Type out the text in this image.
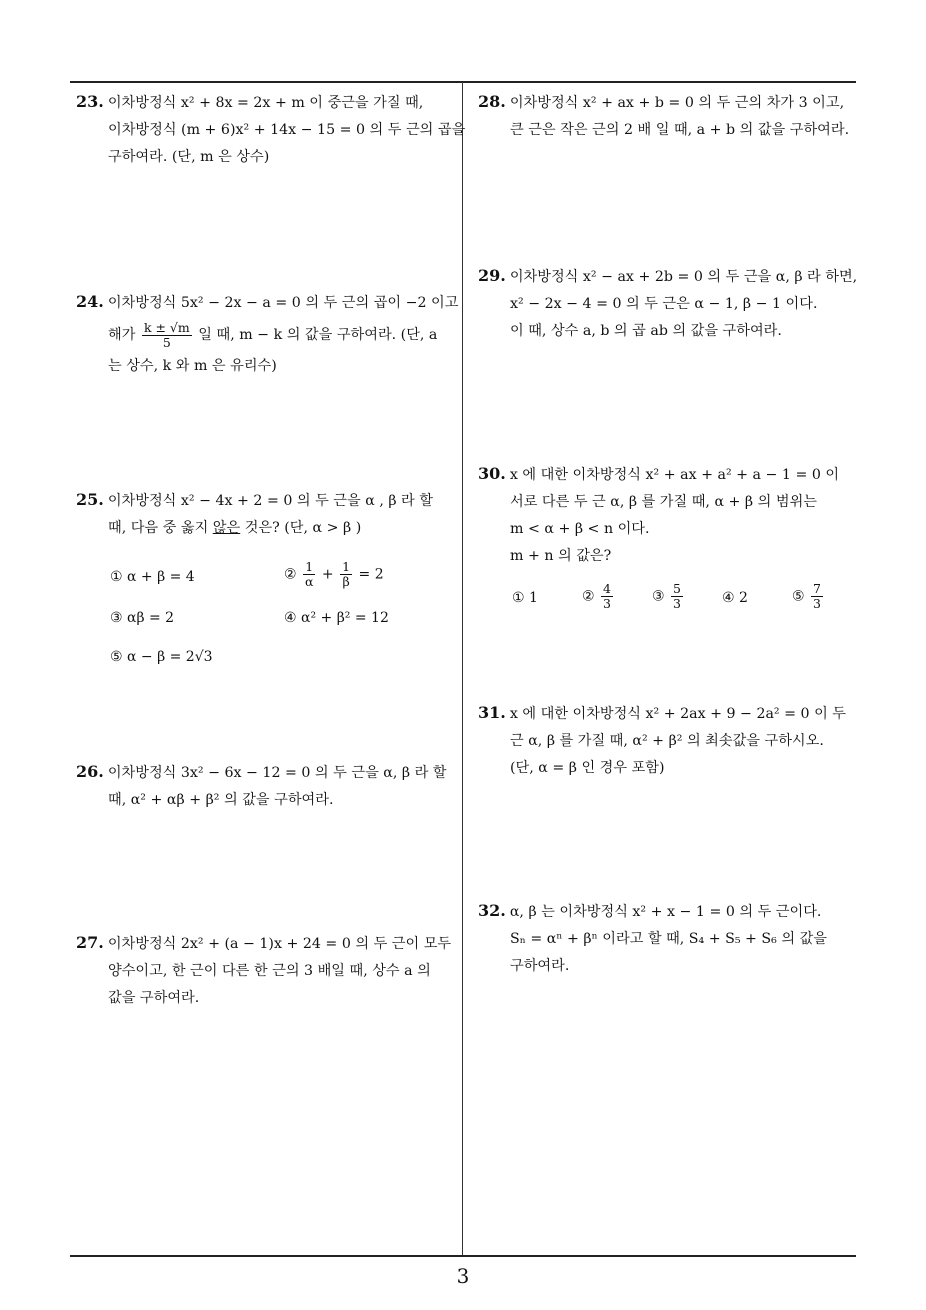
23. 이차방정식 x² + 8x = 2x + m 이 중근을 가질 때,
이차방정식 (m + 6)x² + 14x − 15 = 0 의 두 근의 곱을
구하여라. (단, m 은 상수)
24. 이차방정식 5x² − 2x − a = 0 의 두 근의 곱이 −2 이고
해가 $\frac{k \pm √m}{5}$ 일 때, m − k 의 값을 구하여라. (단, a
는 상수, k 와 m 은 유리수)
25. 이차방정식 x² − 4x + 2 = 0 의 두 근을 α , β 라 할
때, 다음 중 옳지 않은 것은? (단, α > β )
① α + β = 4	② $\frac{1}{\alpha} + \frac{1}{\beta} = 2$
③ αβ = 2	④ α² + β² = 12
⑤ α − β = 2√3
26. 이차방정식 3x² − 6x − 12 = 0 의 두 근을 α, β 라 할
때, α² + αβ + β² 의 값을 구하여라.
27. 이차방정식 2x² + (a − 1)x + 24 = 0 의 두 근이 모두
양수이고, 한 근이 다른 한 근의 3 배일 때, 상수 a 의
값을 구하여라.
28. 이차방정식 x² + ax + b = 0 의 두 근의 차가 3 이고,
큰 근은 작은 근의 2 배 일 때, a + b 의 값을 구하여라.
29. 이차방정식 x² − ax + 2b = 0 의 두 근을 α, β 라 하면,
x² − 2x − 4 = 0 의 두 근은 α − 1, β − 1 이다.
이 때, 상수 a, b 의 곱 ab 의 값을 구하여라.
30. x 에 대한 이차방정식 x² + ax + a² + a − 1 = 0 이
서로 다른 두 근 α, β 를 가질 때, α + β 의 범위는
m < α + β < n 이다.
m + n 의 값은?
① 1	② $\frac{4}{3}$	③ $\frac{5}{3}$	④ 2	⑤ $\frac{7}{3}$
31. x 에 대한 이차방정식 x² + 2ax + 9 − 2a² = 0 이 두
근 α, β 를 가질 때, α² + β² 의 최솟값을 구하시오.
(단, α = β 인 경우 포함)
32. α, β 는 이차방정식 x² + x − 1 = 0 의 두 근이다.
Sₙ = αⁿ + βⁿ 이라고 할 때, S₄ + S₅ + S₆ 의 값을
구하여라.
3
